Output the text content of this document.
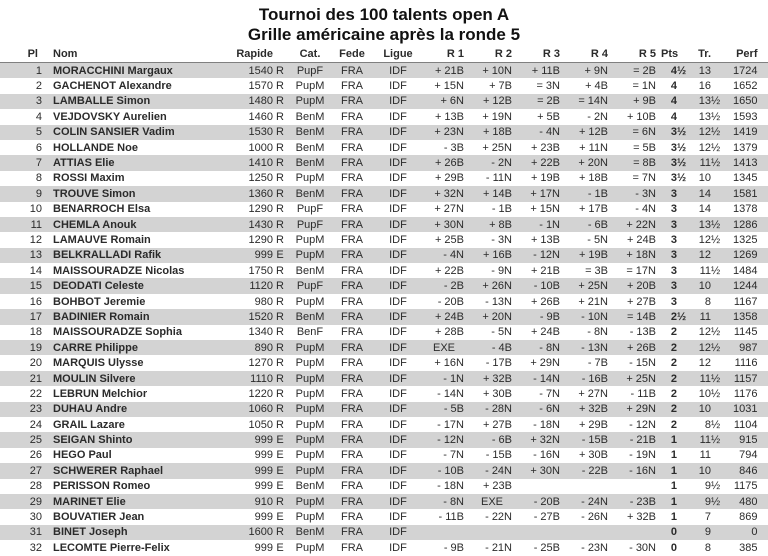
Tournoi des 100 talents open A
Grille américaine après la ronde 5
Pl	Nom	Rapide	Cat.	Fede	Ligue	R 1	R 2	R 3	R 4	R 5	Pts	Tr.	Perf
1	MORACCHINI Margaux	1540 R	PupF	FRA	IDF	+ 21B	+ 10N	+ 11B	+ 9N	= 2B	4½	13	1724
2	GACHENOT Alexandre	1570 R	PupM	FRA	IDF	+ 15N	+ 7B	= 3N	+ 4B	= 1N	4	16	1652
3	LAMBALLE Simon	1480 R	PupM	FRA	IDF	+ 6N	+ 12B	= 2B	= 14N	+ 9B	4	13½	1650
4	VEJDOVSKY Aurelien	1460 R	BenM	FRA	IDF	+ 13B	+ 19N	+ 5B	- 2N	+ 10B	4	13½	1593
5	COLIN SANSIER Vadim	1530 R	BenM	FRA	IDF	+ 23N	+ 18B	- 4N	+ 12B	= 6N	3½	12½	1419
6	HOLLANDE Noe	1000 R	BenM	FRA	IDF	- 3B	+ 25N	+ 23B	+ 11N	= 5B	3½	12½	1379
7	ATTIAS Elie	1410 R	BenM	FRA	IDF	+ 26B	- 2N	+ 22B	+ 20N	= 8B	3½	11½	1413
8	ROSSI Maxim	1250 R	PupM	FRA	IDF	+ 29B	- 11N	+ 19B	+ 18B	= 7N	3½	10	1345
9	TROUVE Simon	1360 R	BenM	FRA	IDF	+ 32N	+ 14B	+ 17N	- 1B	- 3N	3	14	1581
10	BENARROCH Elsa	1290 R	PupF	FRA	IDF	+ 27N	- 1B	+ 15N	+ 17B	- 4N	3	14	1378
11	CHEMLA Anouk	1430 R	PupF	FRA	IDF	+ 30N	+ 8B	- 1N	- 6B	+ 22N	3	13½	1286
12	LAMAUVE Romain	1290 R	PupM	FRA	IDF	+ 25B	- 3N	+ 13B	- 5N	+ 24B	3	12½	1325
13	BELKRALLADI Rafik	999 E	PupM	FRA	IDF	- 4N	+ 16B	- 12N	+ 19B	+ 18N	3	12	1269
14	MAISSOURADZE Nicolas	1750 R	BenM	FRA	IDF	+ 22B	- 9N	+ 21B	= 3B	= 17N	3	11½	1484
15	DEODATI Celeste	1120 R	PupF	FRA	IDF	- 2B	+ 26N	- 10B	+ 25N	+ 20B	3	10	1244
16	BOHBOT Jeremie	980 R	PupM	FRA	IDF	- 20B	- 13N	+ 26B	+ 21N	+ 27B	3	8	1167
17	BADINIER Romain	1520 R	BenM	FRA	IDF	+ 24B	+ 20N	- 9B	- 10N	= 14B	2½	11	1358
18	MAISSOURADZE Sophia	1340 R	BenF	FRA	IDF	+ 28B	- 5N	+ 24B	- 8N	- 13B	2	12½	1145
19	CARRE Philippe	890 R	PupM	FRA	IDF	EXE	- 4B	- 8N	- 13N	+ 26B	2	12½	987
20	MARQUIS Ulysse	1270 R	PupM	FRA	IDF	+ 16N	- 17B	+ 29N	- 7B	- 15N	2	12	1116
21	MOULIN Silvere	1110 R	PupM	FRA	IDF	- 1N	+ 32B	- 14N	- 16B	+ 25N	2	11½	1157
22	LEBRUN Melchior	1220 R	PupM	FRA	IDF	- 14N	+ 30B	- 7N	+ 27N	- 11B	2	10½	1176
23	DUHAU Andre	1060 R	PupM	FRA	IDF	- 5B	- 28N	- 6N	+ 32B	+ 29N	2	10	1031
24	GRAIL Lazare	1050 R	PupM	FRA	IDF	- 17N	+ 27B	- 18N	+ 29B	- 12N	2	8½	1104
25	SEIGAN Shinto	999 E	PupM	FRA	IDF	- 12N	- 6B	+ 32N	- 15B	- 21B	1	11½	915
26	HEGO Paul	999 E	PupM	FRA	IDF	- 7N	- 15B	- 16N	+ 30B	- 19N	1	11	794
27	SCHWERER Raphael	999 E	PupM	FRA	IDF	- 10B	- 24N	+ 30N	- 22B	- 16N	1	10	846
28	PERISSON Romeo	999 E	BenM	FRA	IDF	- 18N	+ 23B				1	9½	1175
29	MARINET Elie	910 R	PupM	FRA	IDF	- 8N	EXE	- 20B	- 24N	- 23B	1	9½	480
30	BOUVATIER Jean	999 E	PupM	FRA	IDF	- 11B	- 22N	- 27B	- 26N	+ 32B	1	7	869
31	BINET Joseph	1600 R	BenM	FRA	IDF						0	9	0
32	LECOMTE Pierre-Felix	999 E	PupM	FRA	IDF	- 9B	- 21N	- 25B	- 23N	- 30N	0	8	385
